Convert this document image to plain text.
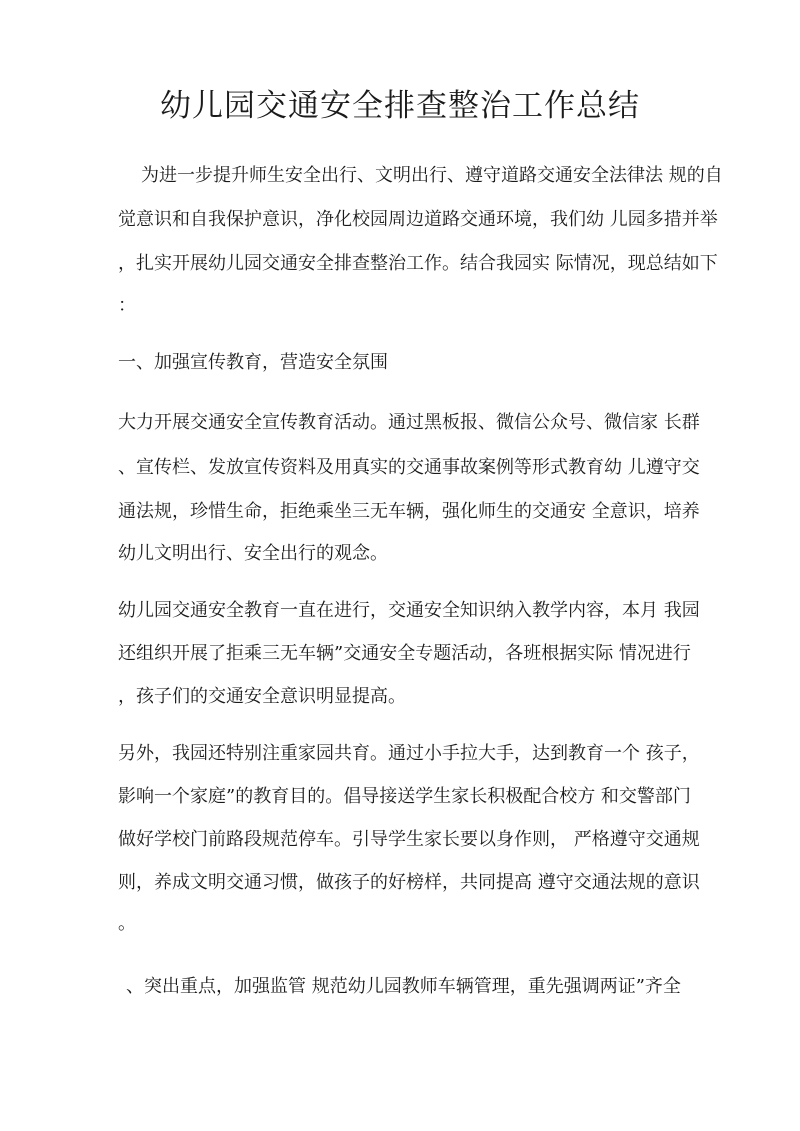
幼儿园交通安全排查整治工作总结

为进一步提升师生安全出行、文明出行、遵守道路交通安全法律法 规的自

觉意识和自我保护意识，净化校园周边道路交通环境，我们幼 儿园多措并举

，扎实开展幼儿园交通安全排查整治工作。结合我园实 际情况，现总结如下

：

一、加强宣传教育，营造安全氛围

大力开展交通安全宣传教育活动。通过黑板报、微信公众号、微信家 长群

、宣传栏、发放宣传资料及用真实的交通事故案例等形式教育幼 儿遵守交

通法规，珍惜生命，拒绝乘坐三无车辆，强化师生的交通安 全意识，培养

幼儿文明出行、安全出行的观念。

幼儿园交通安全教育一直在进行，交通安全知识纳入教学内容，本月 我园

还组织开展了拒乘三无车辆”交通安全专题活动，各班根据实际 情况进行

，孩子们的交通安全意识明显提高。

另外，我园还特别注重家园共育。通过小手拉大手，达到教育一个 孩子，

影响一个家庭”的教育目的。倡导接送学生家长积极配合校方 和交警部门

做好学校门前路段规范停车。引导学生家长要以身作则， 严格遵守交通规

则，养成文明交通习惯，做孩子的好榜样，共同提高 遵守交通法规的意识

。

、突出重点，加强监管 规范幼儿园教师车辆管理，重先强调两证”齐全
